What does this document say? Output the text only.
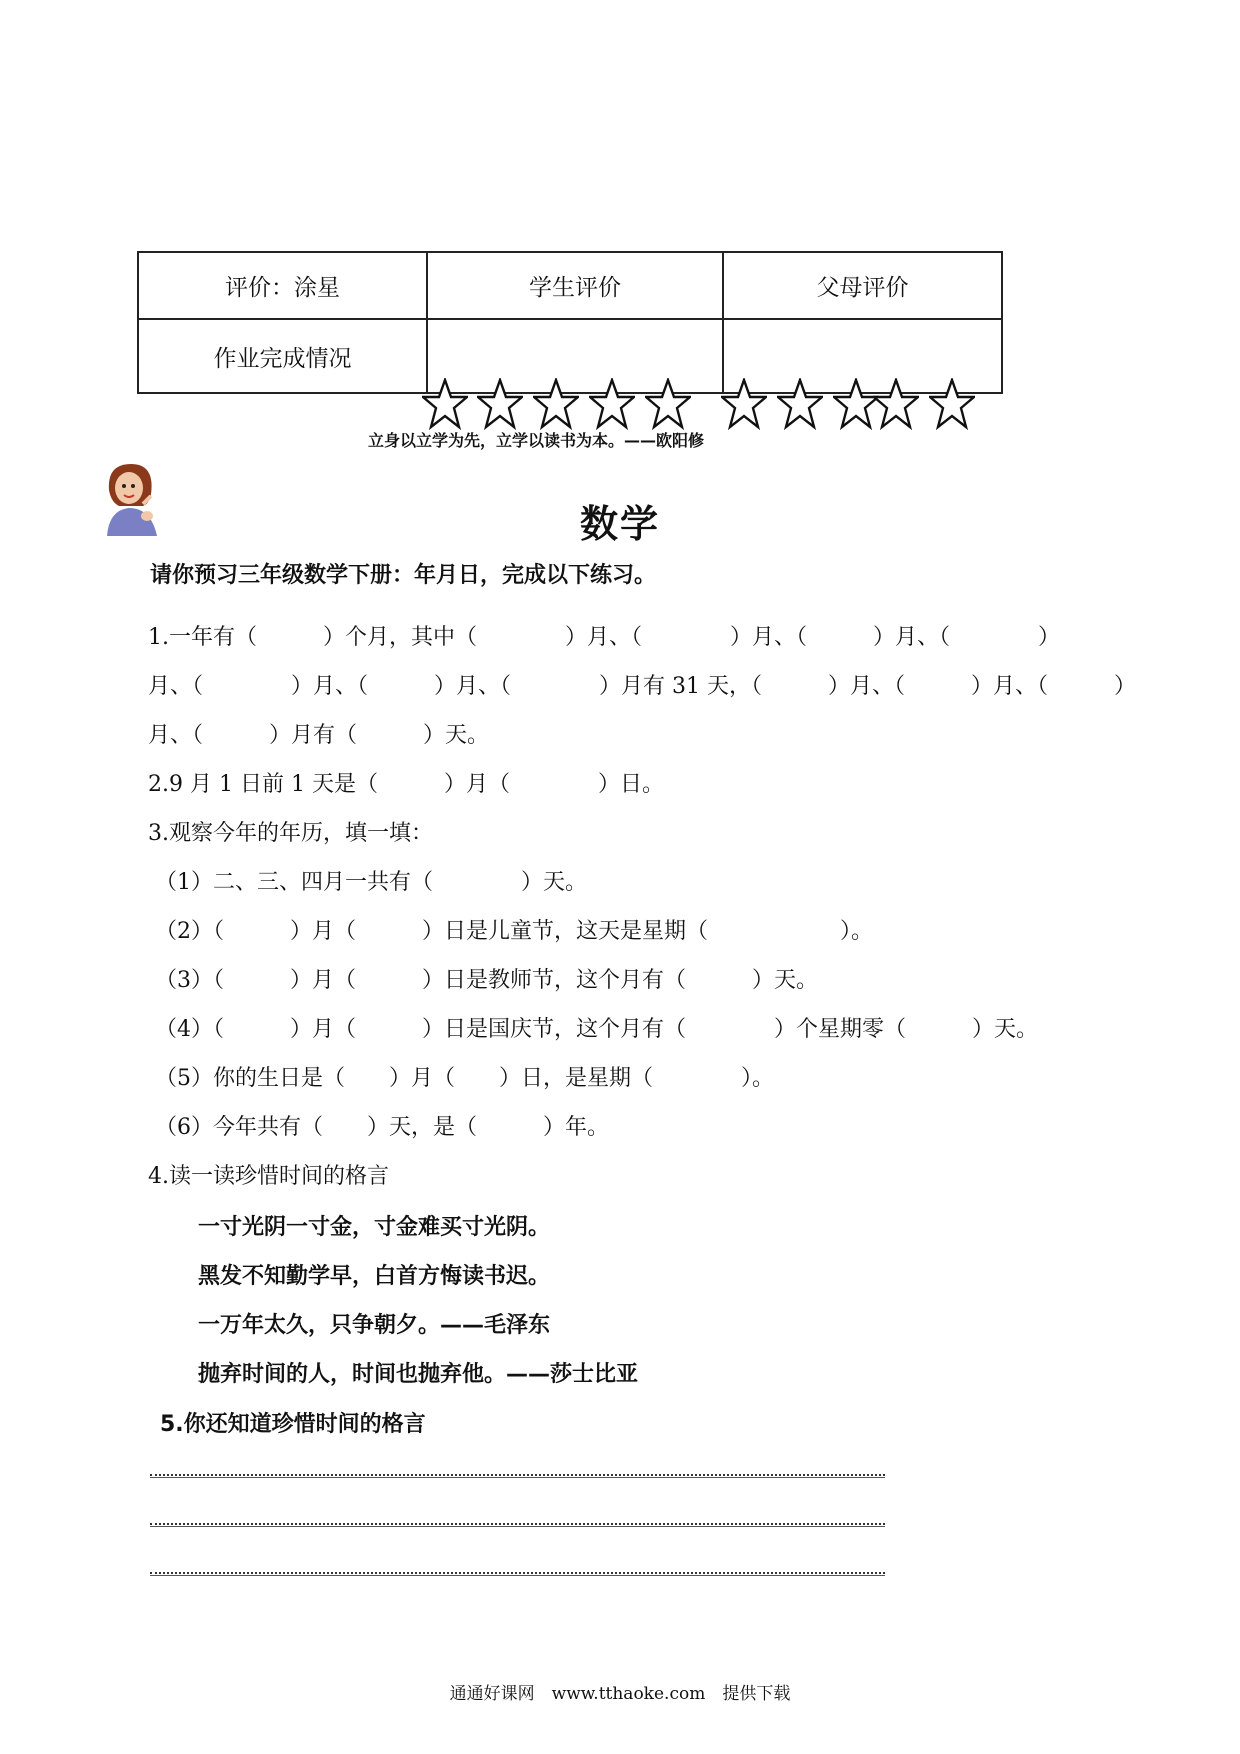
评价：涂星	学生评价	父母评价
作业完成情况		
立身以立学为先，立学以读书为本。——欧阳修
数学
请你预习三年级数学下册：年月日，完成以下练习。
1.一年有（　　　）个月，其中（　　　　）月、（　　　　）月、（　　　）月、（　　　　）
月、（　　　　）月、（　　　）月、（　　　　）月有 31 天，（　　　）月、（　　　）月、（　　　）
月、（　　　）月有（　　　）天。
2.9 月 1 日前 1 天是（　　　）月（　　　　）日。
3.观察今年的年历，填一填：
（1）二、三、四月一共有（　　　　）天。
（2）（　　　）月（　　　）日是儿童节，这天是星期（　　　　　　）。
（3）（　　　）月（　　　）日是教师节，这个月有（　　　）天。
（4）（　　　）月（　　　）日是国庆节，这个月有（　　　　）个星期零（　　　）天。
（5）你的生日是（　　）月（　　）日，是星期（　　　　）。
（6）今年共有（　　）天，是（　　　）年。
4.读一读珍惜时间的格言
一寸光阴一寸金，寸金难买寸光阴。
黑发不知勤学早，白首方悔读书迟。
一万年太久，只争朝夕。——毛泽东
抛弃时间的人，时间也抛弃他。——莎士比亚
5.你还知道珍惜时间的格言
通通好课网　www.tthaoke.com　提供下载
